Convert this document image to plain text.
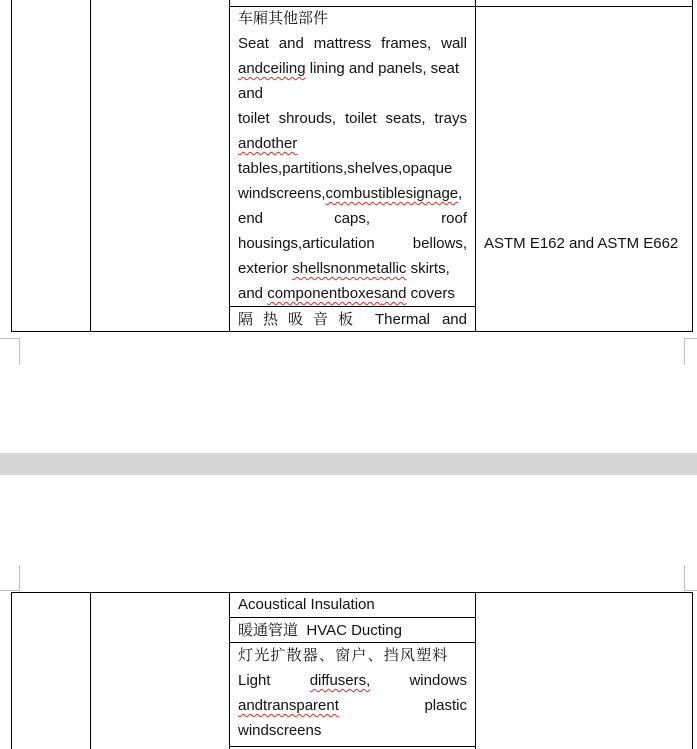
车厢其他部件
Seat and mattress frames, wall
andceiling lining and panels, seat
and
toilet shrouds, toilet seats, trays
andother
tables,partitions,shelves,opaque
windscreens,combustiblesignage,
end	caps,	roof
housings,articulation	bellows,
exterior shellsnonmetallic skirts,
and componentboxesand covers
ASTM E162 and ASTM E662
隔热吸音板 Thermal and
Acoustical Insulation
暖通管道 HVAC Ducting
灯光扩散器、窗户、挡风塑料
Light	diffusers,	windows
andtransparent	plastic
windscreens
